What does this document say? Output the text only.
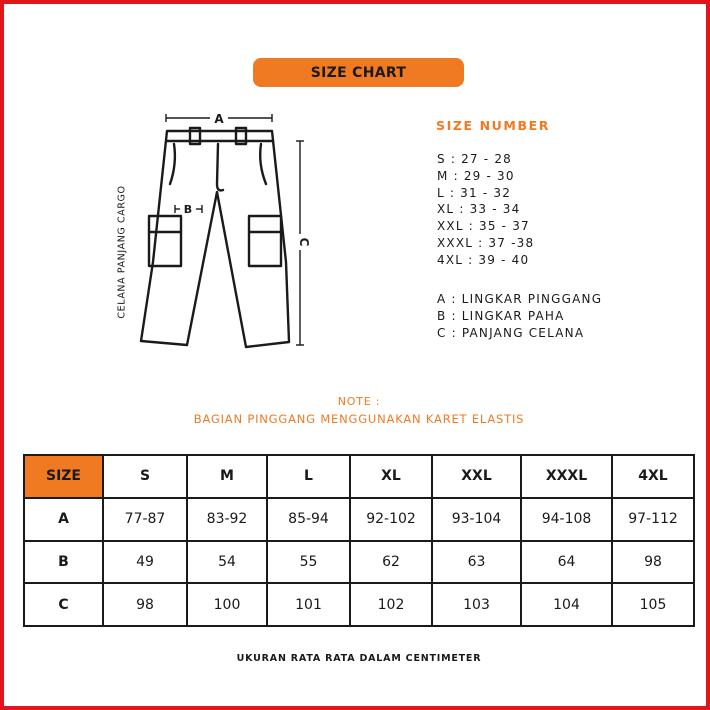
SIZE CHART
A
C
B
CELANA PANJANG CARGO
SIZE NUMBER
S : 27 - 28
M : 29 - 30
L : 31 - 32
XL : 33 - 34
XXL : 35 - 37
XXXL : 37 -38
4XL : 39 - 40
A : LINGKAR PINGGANG
B : LINGKAR PAHA
C : PANJANG CELANA
NOTE :
BAGIAN PINGGANG MENGGUNAKAN KARET ELASTIS
SIZE	S	M	L	XL	XXL	XXXL	4XL
A	77-87	83-92	85-94	92-102	93-104	94-108	97-112
B	49	54	55	62	63	64	98
C	98	100	101	102	103	104	105
UKURAN RATA RATA DALAM CENTIMETER
